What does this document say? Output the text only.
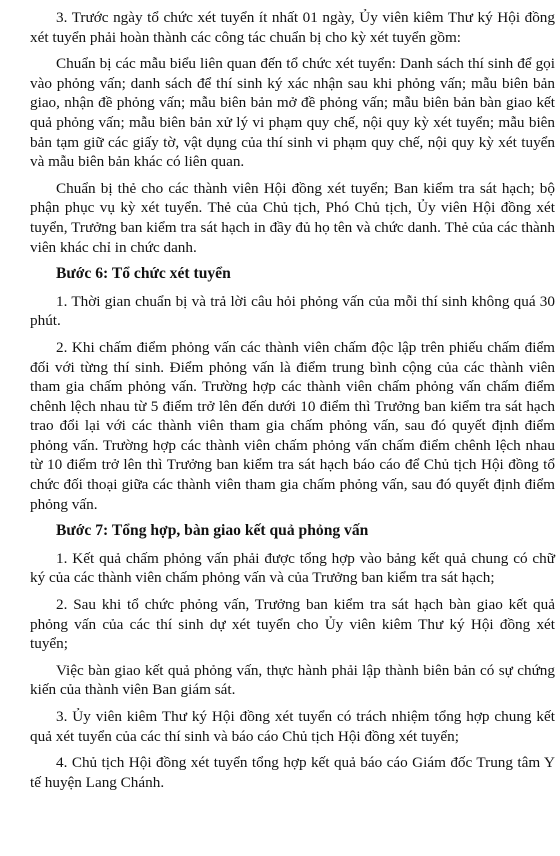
3. Trước ngày tổ chức xét tuyển ít nhất 01 ngày, Ủy viên kiêm Thư ký Hội đồng xét tuyển phải hoàn thành các công tác chuẩn bị cho kỳ xét tuyển gồm:

Chuẩn bị các mẫu biểu liên quan đến tổ chức xét tuyển: Danh sách thí sinh để gọi vào phỏng vấn; danh sách để thí sinh ký xác nhận sau khi phỏng vấn; mẫu biên bản giao, nhận đề phỏng vấn; mẫu biên bản mở đề phỏng vấn; mẫu biên bản bàn giao kết quả phỏng vấn; mẫu biên bản xử lý vi phạm quy chế, nội quy kỳ xét tuyển; mẫu biên bản tạm giữ các giấy tờ, vật dụng của thí sinh vi phạm quy chế, nội quy kỳ xét tuyển và mẫu biên bản khác có liên quan.

Chuẩn bị thẻ cho các thành viên Hội đồng xét tuyển; Ban kiểm tra sát hạch; bộ phận phục vụ kỳ xét tuyển. Thẻ của Chủ tịch, Phó Chủ tịch, Ủy viên Hội đồng xét tuyển, Trưởng ban kiểm tra sát hạch in đầy đủ họ tên và chức danh. Thẻ của các thành viên khác chỉ in chức danh.

Bước 6: Tổ chức xét tuyển

1. Thời gian chuẩn bị và trả lời câu hỏi phỏng vấn của mỗi thí sinh không quá 30 phút.

2. Khi chấm điểm phỏng vấn các thành viên chấm độc lập trên phiếu chấm điểm đối với từng thí sinh. Điểm phỏng vấn là điểm trung bình cộng của các thành viên tham gia chấm phỏng vấn. Trường hợp các thành viên chấm phỏng vấn chấm điểm chênh lệch nhau từ 5 điểm trở lên đến dưới 10 điểm thì Trưởng ban kiểm tra sát hạch trao đổi lại với các thành viên tham gia chấm phỏng vấn, sau đó quyết định điểm phỏng vấn. Trường hợp các thành viên chấm phỏng vấn chấm điểm chênh lệch nhau từ 10 điểm trở lên thì Trưởng ban kiểm tra sát hạch báo cáo để Chủ tịch Hội đồng tổ chức đối thoại giữa các thành viên tham gia chấm phỏng vấn, sau đó quyết định điểm phỏng vấn.

Bước 7: Tổng hợp, bàn giao kết quả phỏng vấn

1. Kết quả chấm phỏng vấn phải được tổng hợp vào bảng kết quả chung có chữ ký của các thành viên chấm phỏng vấn và của Trưởng ban kiểm tra sát hạch;

2. Sau khi tổ chức phỏng vấn, Trưởng ban kiểm tra sát hạch bàn giao kết quả phỏng vấn của các thí sinh dự xét tuyển cho Ủy viên kiêm Thư ký Hội đồng xét tuyển;

Việc bàn giao kết quả phỏng vấn, thực hành phải lập thành biên bản có sự chứng kiến của thành viên Ban giám sát.

3. Ủy viên kiêm Thư ký Hội đồng xét tuyển có trách nhiệm tổng hợp chung kết quả xét tuyển của các thí sinh và báo cáo Chủ tịch Hội đồng xét tuyển;

4. Chủ tịch Hội đồng xét tuyển tổng hợp kết quả báo cáo Giám đốc Trung tâm Y tế huyện Lang Chánh.
